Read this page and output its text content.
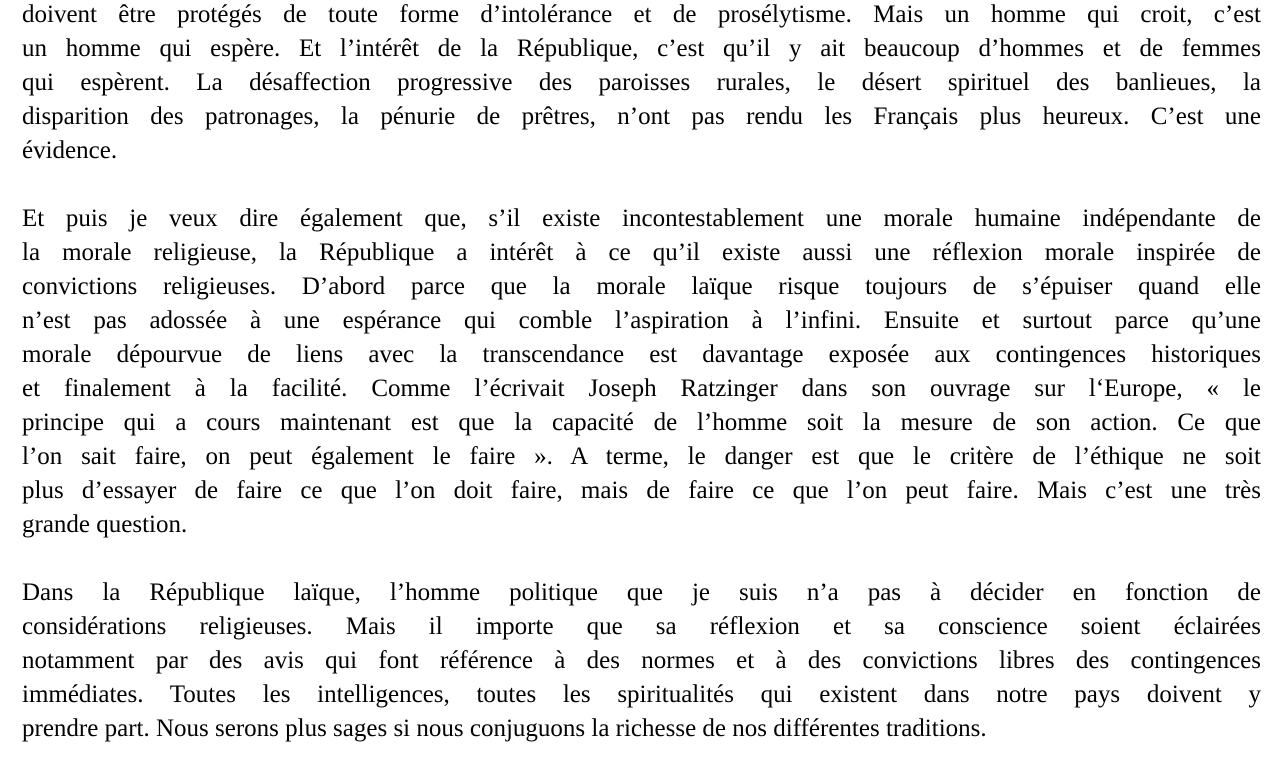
doivent être protégés de toute forme d’intolérance et de prosélytisme. Mais un homme qui croit, c’est
un homme qui espère. Et l’intérêt de la République, c’est qu’il y ait beaucoup d’hommes et de femmes
qui espèrent. La désaffection progressive des paroisses rurales, le désert spirituel des banlieues, la
disparition des patronages, la pénurie de prêtres, n’ont pas rendu les Français plus heureux. C’est une
évidence.
Et puis je veux dire également que, s’il existe incontestablement une morale humaine indépendante de
la morale religieuse, la République a intérêt à ce qu’il existe aussi une réflexion morale inspirée de
convictions religieuses. D’abord parce que la morale laïque risque toujours de s’épuiser quand elle
n’est pas adossée à une espérance qui comble l’aspiration à l’infini. Ensuite et surtout parce qu’une
morale dépourvue de liens avec la transcendance est davantage exposée aux contingences historiques
et finalement à la facilité. Comme l’écrivait Joseph Ratzinger dans son ouvrage sur l‘Europe, « le
principe qui a cours maintenant est que la capacité de l’homme soit la mesure de son action. Ce que
l’on sait faire, on peut également le faire ». A terme, le danger est que le critère de l’éthique ne soit
plus d’essayer de faire ce que l’on doit faire, mais de faire ce que l’on peut faire. Mais c’est une très
grande question.
Dans la République laïque, l’homme politique que je suis n’a pas à décider en fonction de
considérations religieuses. Mais il importe que sa réflexion et sa conscience soient éclairées
notamment par des avis qui font référence à des normes et à des convictions libres des contingences
immédiates. Toutes les intelligences, toutes les spiritualités qui existent dans notre pays doivent y
prendre part. Nous serons plus sages si nous conjuguons la richesse de nos différentes traditions.
